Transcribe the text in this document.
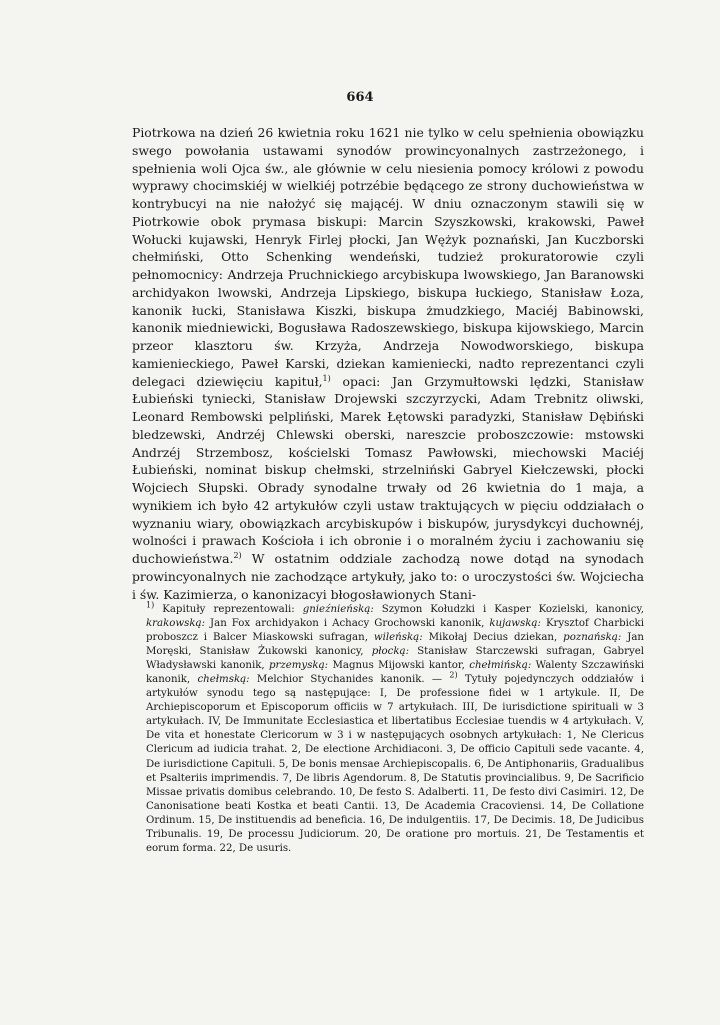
664

Piotrkowa na dzień 26 kwietnia roku 1621 nie tylko w celu spełnienia obowiązku swego powołania ustawami synodów prowincyonalnych zastrzeżonego, i spełnienia woli Ojca św., ale głównie w celu niesienia pomocy królowi z powodu wyprawy chocimskiéj w wielkiéj potrzébie będącego ze strony duchowieństwa w kontrybucyi na nie nałożyć się mającéj. W dniu oznaczonym stawili się w Piotrkowie obok prymasa biskupi: Marcin Szyszkowski, krakowski, Paweł Wołucki kujawski, Henryk Firlej płocki, Jan Wężyk poznański, Jan Kuczborski chełmiński, Otto Schenking wendeński, tudzież prokuratorowie czyli pełnomocnicy: Andrzeja Pruchnickiego arcybiskupa lwowskiego, Jan Baranowski archidyakon lwowski, Andrzeja Lipskiego, biskupa łuckiego, Stanisław Łoza, kanonik łucki, Stanisława Kiszki, biskupa żmudzkiego, Maciéj Babinowski, kanonik miedniewicki, Bogusława Radoszewskiego, biskupa kijowskiego, Marcin przeor klasztoru św. Krzyża, Andrzeja Nowodworskiego, biskupa kamienieckiego, Paweł Karski, dziekan kamieniecki, nadto reprezentanci czyli delegaci dziewięciu kapituł,$^{1)}$ opaci: Jan Grzymułtowski lędzki, Stanisław Łubieński tyniecki, Stanisław Drojewski szczyrzycki, Adam Trebnitz oliwski, Leonard Rembowski pelpliński, Marek Łętowski paradyzki, Stanisław Dębiński bledzewski, Andrzéj Chlewski oberski, nareszcie proboszczowie: mstowski Andrzéj Strzembosz, kościelski Tomasz Pawłowski, miechowski Maciéj Łubieński, nominat biskup chełmski, strzelniński Gabryel Kiełczewski, płocki Wojciech Słupski. Obrady synodalne trwały od 26 kwietnia do 1 maja, a wynikiem ich było 42 artykułów czyli ustaw traktujących w pięciu oddziałach o wyznaniu wiary, obowiązkach arcybiskupów i biskupów, jurysdykcyi duchownéj, wolności i prawach Kościoła i ich obronie i o moralném życiu i zachowaniu się duchowieństwa.$^{2)}$ W ostatnim oddziale zachodzą nowe dotąd na synodach prowincyonalnych nie zachodzące artykuły, jako to: o uroczystości św. Wojciecha i św. Kazimierza, o kanonizacyi błogosławionych Stani-

$^{1)}$ Kapituły reprezentowali: gnieźnieńską: Szymon Kołudzki i Kasper Kozielski, kanonicy, krakowską: Jan Fox archidyakon i Achacy Grochowski kanonik, kujawską: Krysztof Charbicki proboszcz i Balcer Miaskowski sufragan, wileńską: Mikołaj Decius dziekan, poznańską: Jan Moręski, Stanisław Żukowski kanonicy, płocką: Stanisław Starczewski sufragan, Gabryel Władysławski kanonik, przemyską: Magnus Mijowski kantor, chełmińską: Walenty Szczawiński kanonik, chełmską: Melchior Stychanides kanonik. — $^{2)}$ Tytuły pojedynczych oddziałów i artykułów synodu tego są następujące: I, De professione fidei w 1 artykule. II, De Archiepiscoporum et Episcoporum officiis w 7 artykułach. III, De iurisdictione spirituali w 3 artykułach. IV, De Immunitate Ecclesiastica et libertatibus Ecclesiae tuendis w 4 artykułach. V, De vita et honestate Clericorum w 3 i w następujących osobnych artykułach: 1, Ne Clericus Clericum ad iudicia trahat. 2, De electione Archidiaconi. 3, De officio Capituli sede vacante. 4, De iurisdictione Capituli. 5, De bonis mensae Archiepiscopalis. 6, De Antiphonariis, Gradualibus et Psalteriis imprimendis. 7, De libris Agendorum. 8, De Statutis provincialibus. 9, De Sacrificio Missae privatis domibus celebrando. 10, De festo S. Adalberti. 11, De festo divi Casimiri. 12, De Canonisatione beati Kostka et beati Cantii. 13, De Academia Cracoviensi. 14, De Collatione Ordinum. 15, De instituendis ad beneficia. 16, De indulgentiis. 17, De Decimis. 18, De Judicibus Tribunalis. 19, De processu Judiciorum. 20, De oratione pro mortuis. 21, De Testamentis et eorum forma. 22, De usuris.
